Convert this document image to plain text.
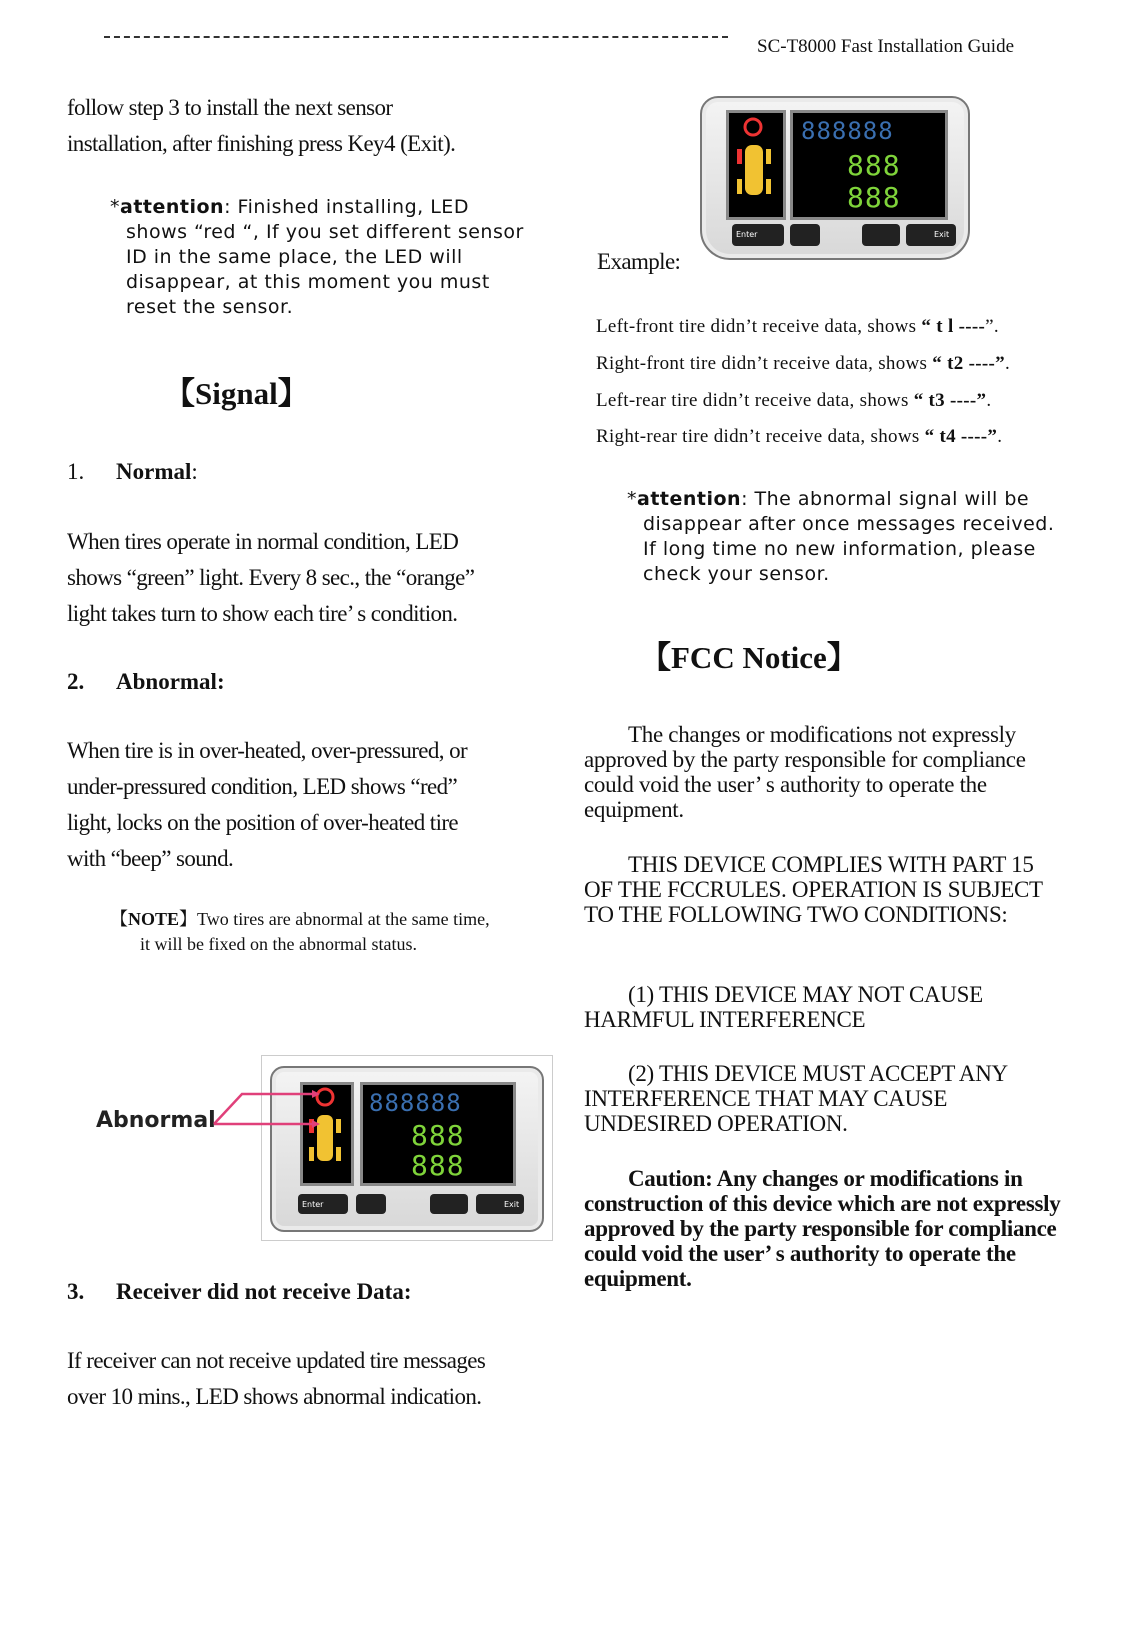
SC-T8000 Fast Installation Guide
follow step 3 to install the next sensor
installation, after finishing press Key4 (Exit).
*attention: Finished installing, LED
shows “red “, If you set different sensor
ID in the same place, the LED will
disappear, at this moment you must
reset the sensor.
【Signal】
1. Normal:
When tires operate in normal condition, LED
shows “green” light. Every 8 sec., the “orange”
light takes turn to show each tire’ s condition.
2. Abnormal:
When tire is in over-heated, over-pressured, or
under-pressured condition, LED shows “red”
light, locks on the position of over-heated tire
with “beep” sound.
【NOTE】Two tires are abnormal at the same time,
it will be fixed on the abnormal status.
888888
888
888
Enter	Exit
Abnormal
3. Receiver did not receive Data:
If receiver can not receive updated tire messages
over 10 mins., LED shows abnormal indication.
888888
888
888
Enter	Exit
Example:
Left-front tire didn’t receive data, shows “ t l ----”.
Right-front tire didn’t receive data, shows “ t2 ----”.
Left-rear tire didn’t receive data, shows “ t3 ----”.
Right-rear tire didn’t receive data, shows “ t4 ----”.
*attention: The abnormal signal will be
disappear after once messages received.
If long time no new information, please
check your sensor.
【FCC Notice】
The changes or modifications not expressly approved by the party responsible for compliance could void the user’ s authority to operate the equipment.
THIS DEVICE COMPLIES WITH PART 15 OF THE FCCRULES. OPERATION IS SUBJECT TO THE FOLLOWING TWO CONDITIONS:
(1) THIS DEVICE MAY NOT CAUSE HARMFUL INTERFERENCE
(2) THIS DEVICE MUST ACCEPT ANY INTERFERENCE THAT MAY CAUSE UNDESIRED OPERATION.
Caution: Any changes or modifications in construction of this device which are not expressly approved by the party responsible for compliance could void the user’ s authority to operate the equipment.
